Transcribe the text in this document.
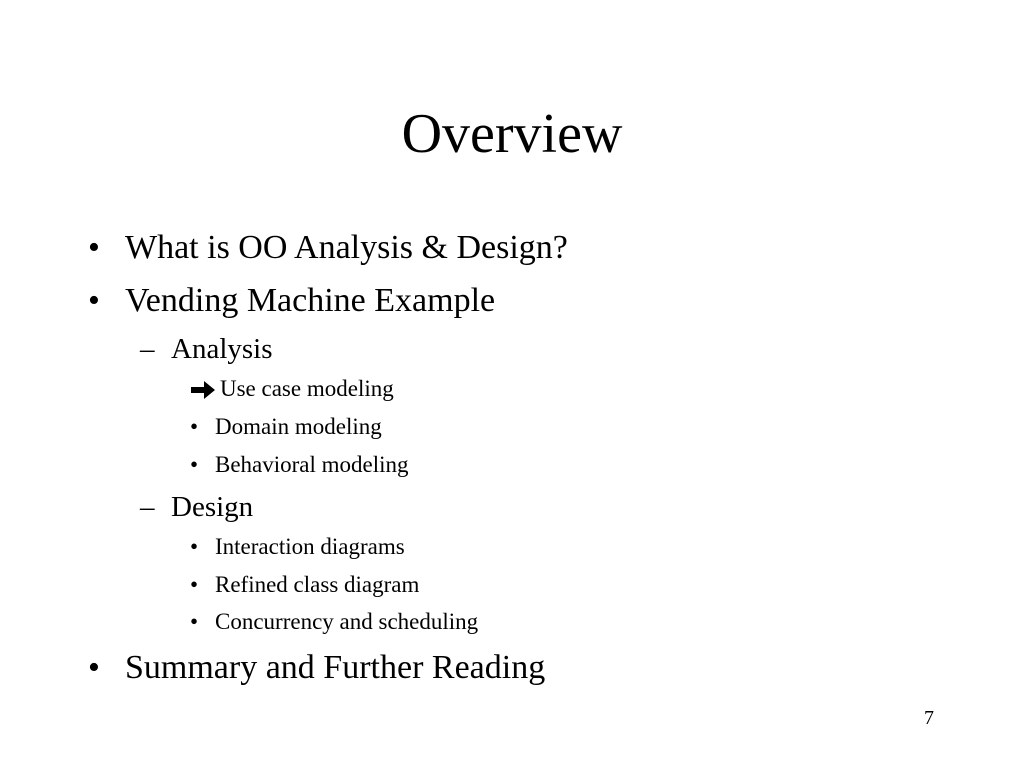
Overview
• What is OO Analysis & Design?
• Vending Machine Example
– Analysis
Use case modeling
• Domain modeling
• Behavioral modeling
– Design
• Interaction diagrams
• Refined class diagram
• Concurrency and scheduling
• Summary and Further Reading
7
